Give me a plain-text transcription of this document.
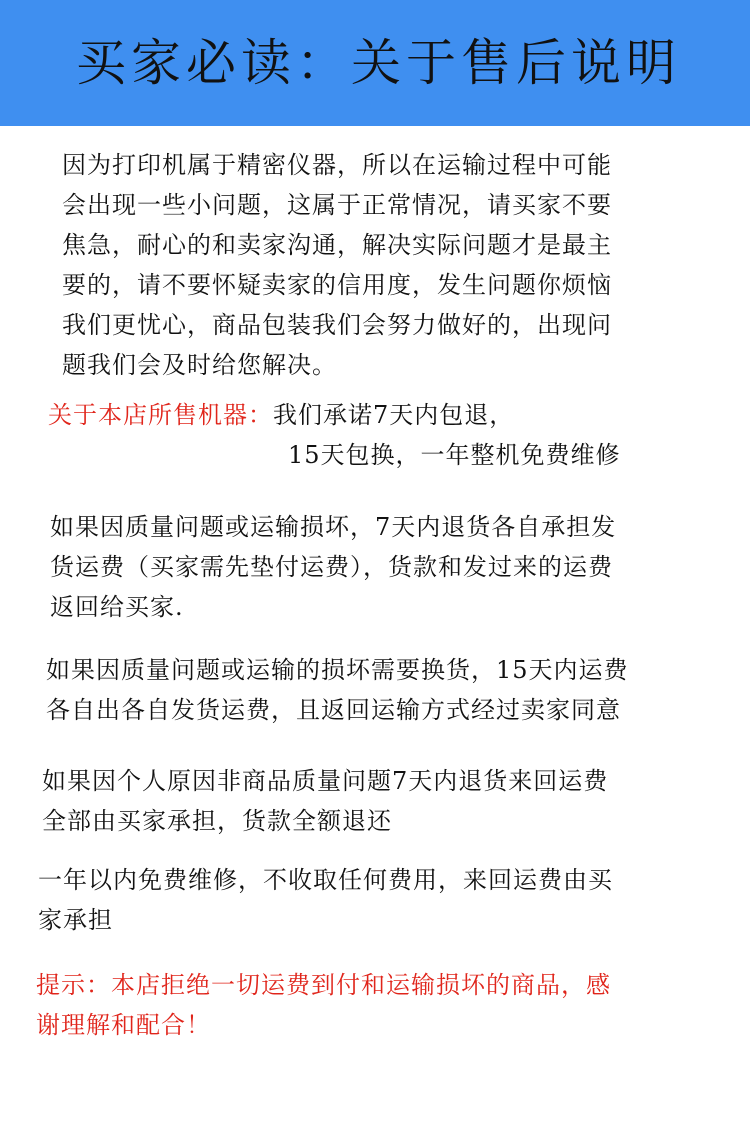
买家必读：关于售后说明
因为打印机属于精密仪器，所以在运输过程中可能
会出现一些小问题，这属于正常情况，请买家不要
焦急，耐心的和卖家沟通，解决实际问题才是最主
要的，请不要怀疑卖家的信用度，发生问题你烦恼
我们更忧心，商品包装我们会努力做好的，出现问
题我们会及时给您解决。
关于本店所售机器：我们承诺7天内包退，
15天包换，一年整机免费维修
如果因质量问题或运输损坏，7天内退货各自承担发
货运费（买家需先垫付运费），货款和发过来的运费
返回给买家.
如果因质量问题或运输的损坏需要换货，15天内运费
各自出各自发货运费，且返回运输方式经过卖家同意
如果因个人原因非商品质量问题7天内退货来回运费
全部由买家承担，货款全额退还
一年以内免费维修，不收取任何费用，来回运费由买
家承担
提示：本店拒绝一切运费到付和运输损坏的商品，感
谢理解和配合！
